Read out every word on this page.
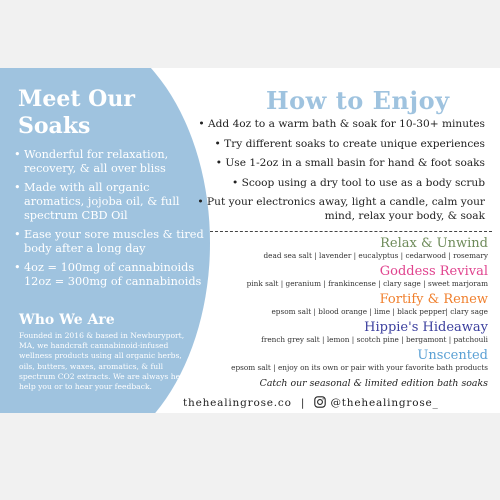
Meet Our Soaks
• Wonderful for relaxation, recovery, & all over bliss
• Made with all organic aromatics, jojoba oil, & full spectrum CBD Oil
• Ease your sore muscles & tired body after a long day
• 4oz = 100mg of cannabinoids 12oz = 300mg of cannabinoids
Who We Are

Founded in 2016 & based in Newburyport, MA, we handcraft cannabinoid-infused wellness products using all organic herbs, oils, butters, waxes, aromatics, & full spectrum CO2 extracts. We are always here to help you or to hear your feedback.

How to Enjoy
• Add 4oz to a warm bath & soak for 10-30+ minutes
• Try different soaks to create unique experiences
• Use 1-2oz in a small basin for hand & foot soaks
• Scoop using a dry tool to use as a body scrub
• Put your electronics away, light a candle, calm your mind, relax your body, & soak
Relax & Unwind
dead sea salt | lavender | eucalyptus | cedarwood | rosemary
Goddess Revival
pink salt | geranium | frankincense | clary sage | sweet marjoram
Fortify & Renew
epsom salt | blood orange | lime | black pepper| clary sage
Hippie's Hideaway
french grey salt | lemon | scotch pine | bergamont | patchouli
Unscented
epsom salt | enjoy on its own or pair with your favorite bath products
Catch our seasonal & limited edition bath soaks
thehealingrose.co | @thehealingrose_
